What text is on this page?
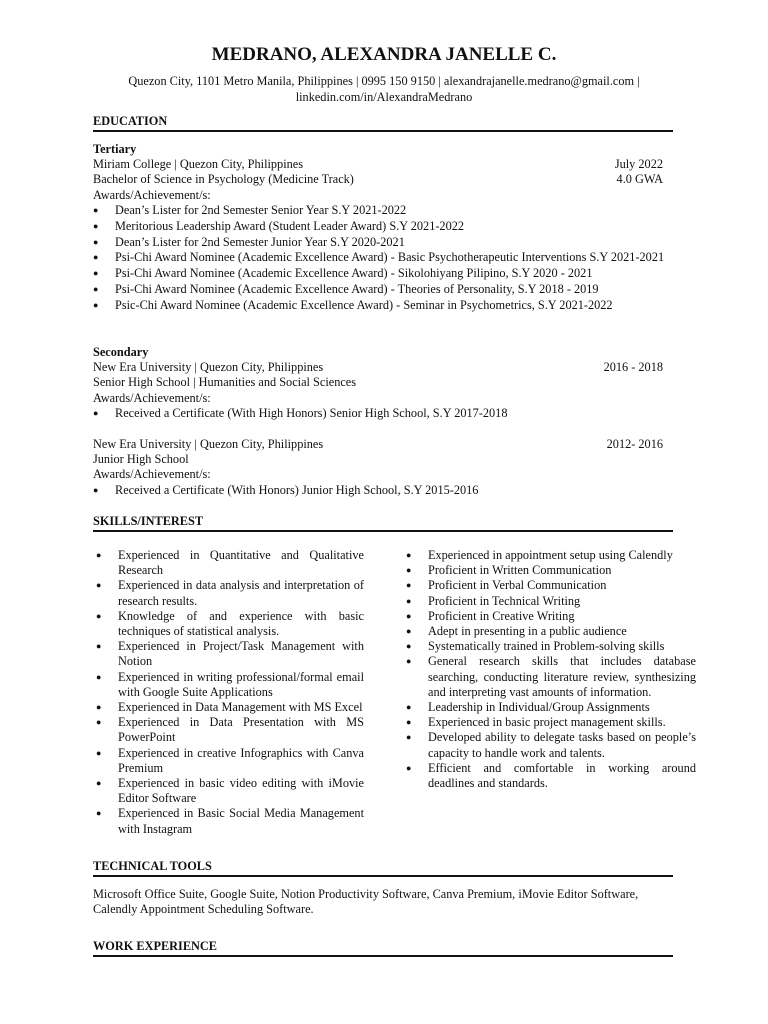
MEDRANO, ALEXANDRA JANELLE C.
Quezon City, 1101 Metro Manila, Philippines | 0995 150 9150 | alexandrajanelle.medrano@gmail.com |
linkedin.com/in/AlexandraMedrano
EDUCATION
Tertiary
Miriam College | Quezon City, Philippines	July 2022
Bachelor of Science in Psychology (Medicine Track)	4.0 GWA
Awards/Achievement/s:
● Dean’s Lister for 2nd Semester Senior Year S.Y 2021-2022
● Meritorious Leadership Award (Student Leader Award) S.Y 2021-2022
● Dean’s Lister for 2nd Semester Junior Year S.Y 2020-2021
● Psi-Chi Award Nominee (Academic Excellence Award) - Basic Psychotherapeutic Interventions S.Y 2021-2021
● Psi-Chi Award Nominee (Academic Excellence Award) - Sikolohiyang Pilipino, S.Y 2020 - 2021
● Psi-Chi Award Nominee (Academic Excellence Award) - Theories of Personality, S.Y 2018 - 2019
● Psic-Chi Award Nominee (Academic Excellence Award) - Seminar in Psychometrics, S.Y 2021-2022
Secondary
New Era University | Quezon City, Philippines	2016 - 2018
Senior High School | Humanities and Social Sciences
Awards/Achievement/s:
● Received a Certificate (With High Honors) Senior High School, S.Y 2017-2018
New Era University | Quezon City, Philippines	2012- 2016
Junior High School
Awards/Achievement/s:
● Received a Certificate (With Honors) Junior High School, S.Y 2015-2016
SKILLS/INTEREST
● Experienced in Quantitative and Qualitative Research
● Experienced in data analysis and interpretation of research results.
● Knowledge of and experience with basic techniques of statistical analysis.
● Experienced in Project/Task Management with Notion
● Experienced in writing professional/formal email with Google Suite Applications
● Experienced in Data Management with MS Excel
● Experienced in Data Presentation with MS PowerPoint
● Experienced in creative Infographics with Canva Premium
● Experienced in basic video editing with iMovie Editor Software
● Experienced in Basic Social Media Management with Instagram
● Experienced in appointment setup using Calendly
● Proficient in Written Communication
● Proficient in Verbal Communication
● Proficient in Technical Writing
● Proficient in Creative Writing
● Adept in presenting in a public audience
● Systematically trained in Problem-solving skills
● General research skills that includes database searching, conducting literature review, synthesizing and interpreting vast amounts of information.
● Leadership in Individual/Group Assignments
● Experienced in basic project management skills.
● Developed ability to delegate tasks based on people’s capacity to handle work and talents.
● Efficient and comfortable in working around deadlines and standards.
TECHNICAL TOOLS
Microsoft Office Suite, Google Suite, Notion Productivity Software, Canva Premium, iMovie Editor Software, Calendly Appointment Scheduling Software.
WORK EXPERIENCE
